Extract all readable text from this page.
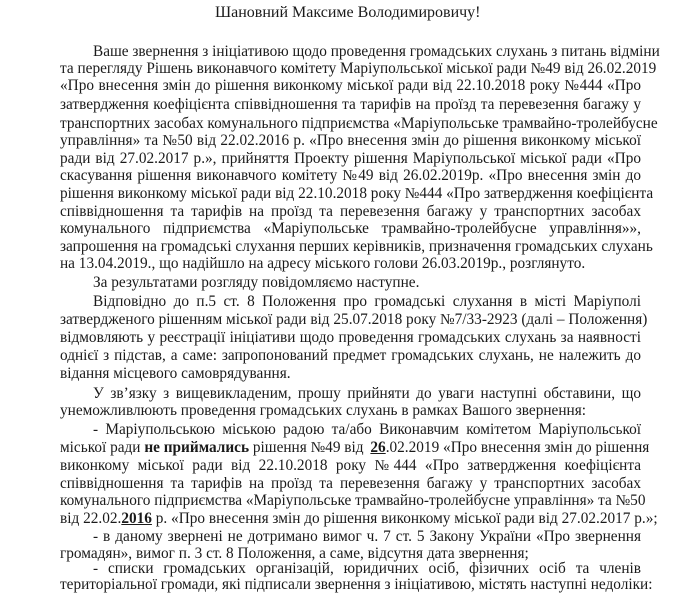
Шановний Максиме Володимировичу!

Ваше звернення з ініціативою щодо проведення громадських слухань з питань відміни

та перегляду Рішень виконавчого комітету Маріупольської міської ради №49 від 26.02.2019

«Про внесення змін до рішення виконкому міської ради від 22.10.2018 року №444 «Про

затвердження коефіцієнта співвідношення та тарифів на проїзд та перевезення багажу у

транспортних засобах комунального підприємства «Маріупольське трамвайно-тролейбусне

управління» та №50 від 22.02.2016 р. «Про внесення змін до рішення виконкому міської

ради від 27.02.2017 р.», прийняття Проекту рішення Маріупольської міської ради «Про

скасування рішення виконавчого комітету №49 від 26.02.2019р. «Про внесення змін до

рішення виконкому міської ради від 22.10.2018 року №444 «Про затвердження коефіцієнта

співвідношення та тарифів на проїзд та перевезення багажу у транспортних засобах

комунального підприємства «Маріупольське трамвайно-тролейбусне управління»»,

запрошення на громадські слухання перших керівників, призначення громадських слухань

на 13.04.2019., що надійшло на адресу міського голови 26.03.2019р., розглянуто.

За результатами розгляду повідомляємо наступне.

Відповідно до п.5 ст. 8 Положення про громадські слухання в місті Маріуполі

затвердженого рішенням міської ради від 25.07.2018 року №7/33-2923 (далі – Положення)

відмовляють у реєстрації ініціативи щодо проведення громадських слухань за наявності

однієї з підстав, а саме: запропонований предмет громадських слухань, не належить до

відання місцевого самоврядування.

У зв’язку з вищевикладеним, прошу прийняти до уваги наступні обставини, що

унеможливлюють проведення громадських слухань в рамках Вашого звернення:

- Маріупольською міською радою та/або Виконавчим комітетом Маріупольської

міської ради не приймались рішення №49 від 26.02.2019 «Про внесення змін до рішення

виконкому міської ради від 22.10.2018 року №444 «Про затвердження коефіцієнта

співвідношення та тарифів на проїзд та перевезення багажу у транспортних засобах

комунального підприємства «Маріупольське трамвайно-тролейбусне управління» та №50

від 22.02.2016 р. «Про внесення змін до рішення виконкому міської ради від 27.02.2017 р.»;

- в даному звернені не дотримано вимог ч. 7 ст. 5 Закону України «Про звернення

громадян», вимог п. 3 ст. 8 Положення, а саме, відсутня дата звернення;

- списки громадських організацій, юридичних осіб, фізичних осіб та членів

територіальної громади, які підписали звернення з ініціативою, містять наступні недоліки:
